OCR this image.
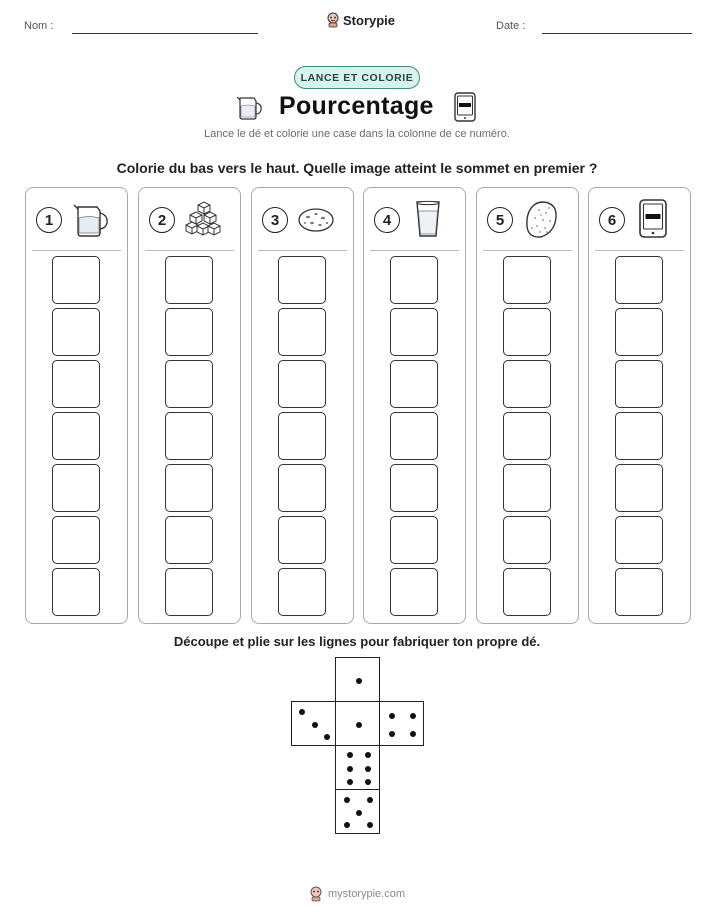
Nom :	Date :
Storypie
LANCE ET COLORIE
Pourcentage
Lance le dé et colorie une case dans la colonne de ce numéro.
Colorie du bas vers le haut. Quelle image atteint le sommet en premier ?
1	2	3	4	5	6
Découpe et plie sur les lignes pour fabriquer ton propre dé.
mystorypie.com
